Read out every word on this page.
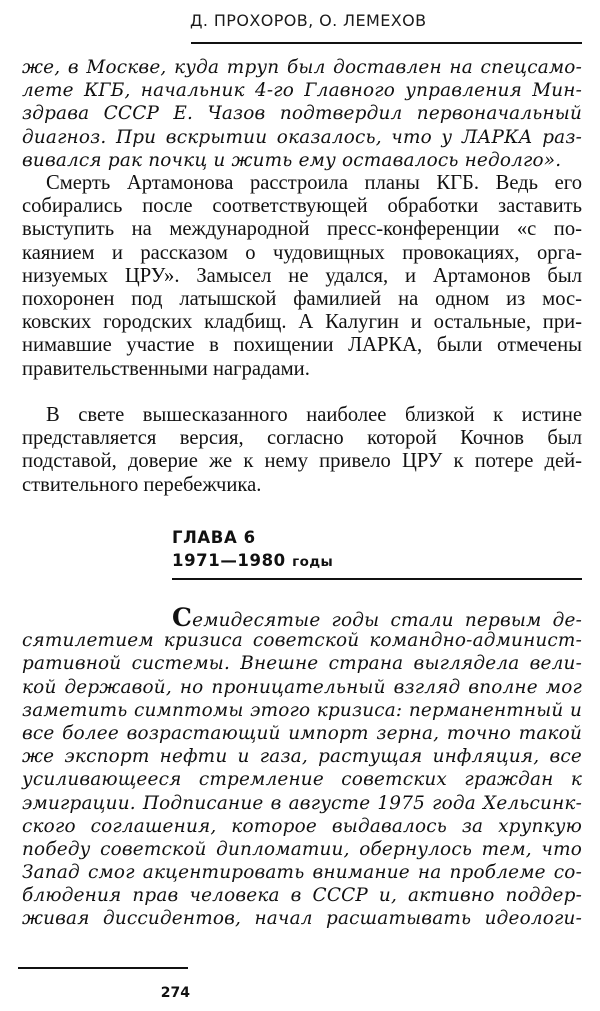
Д. ПРОХОРОВ, О. ЛЕМЕХОВ
же, в Москве, куда труп был доставлен на спецсамо-
лете КГБ, начальник 4-го Главного управления Мин-
здрава СССР Е. Чазов подтвердил первоначальный
диагноз. При вскрытии оказалось, что у ЛАРКА раз-
вивался рак почкц и жить ему оставалось недолго».
Смерть Артамонова расстроила планы КГБ. Ведь его
собирались после соответствующей обработки заставить
выступить на международной пресс-конференции «с по-
каянием и рассказом о чудовищных провокациях, орга-
низуемых ЦРУ». Замысел не удался, и Артамонов был
похоронен под латышской фамилией на одном из мос-
ковских городских кладбищ. А Калугин и остальные, при-
нимавшие участие в похищении ЛАРКА, были отмечены
правительственными наградами.
В свете вышесказанного наиболее близкой к истине
представляется версия, согласно которой Кочнов был
подставой, доверие же к нему привело ЦРУ к потере дей-
ствительного перебежчика.
ГЛАВА 6
1971—1980 годы
Семидесятые годы стали первым де-
сятилетием кризиса советской командно-админист-
ративной системы. Внешне страна выглядела вели-
кой державой, но проницательный взгляд вполне мог
заметить симптомы этого кризиса: перманентный и
все более возрастающий импорт зерна, точно такой
же экспорт нефти и газа, растущая инфляция, все
усиливающееся стремление советских граждан к
эмиграции. Подписание в августе 1975 года Хельсинк-
ского соглашения, которое выдавалось за хрупкую
победу советской дипломатии, обернулось тем, что
Запад смог акцентировать внимание на проблеме со-
блюдения прав человека в СССР и, активно поддер-
живая диссидентов, начал расшатывать идеологи-
274
